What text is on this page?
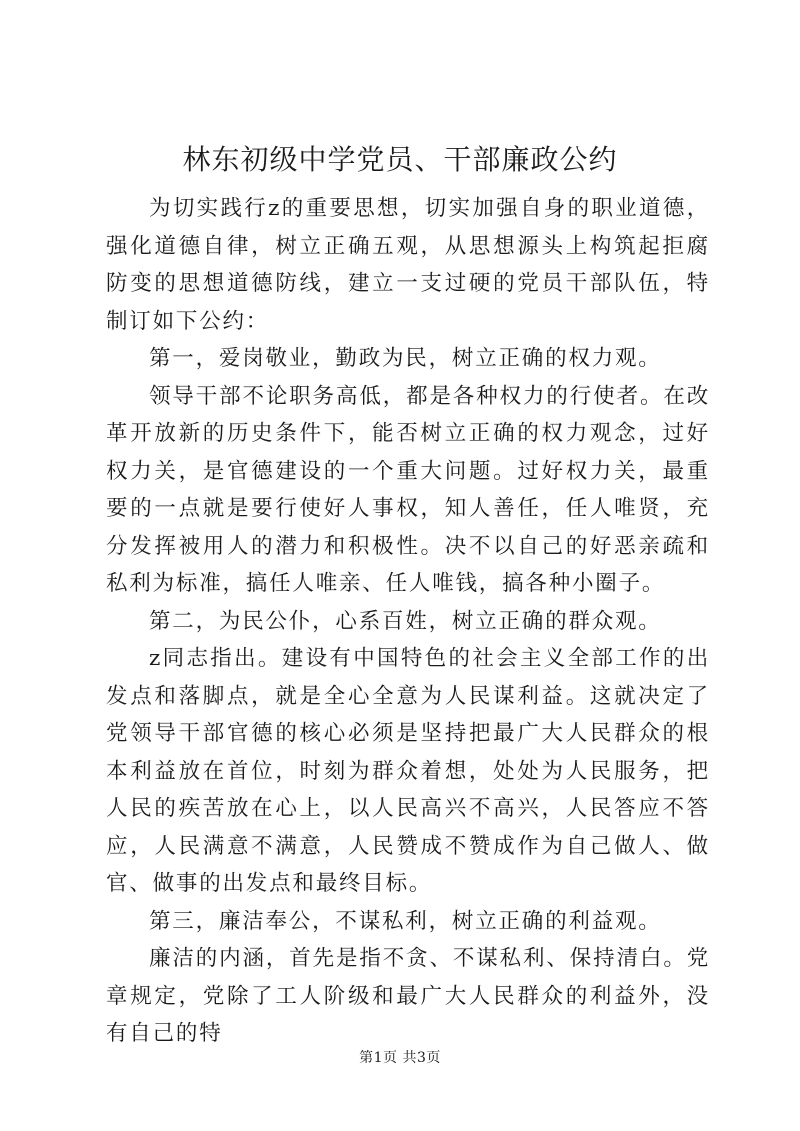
林东初级中学党员、干部廉政公约

为切实践行z的重要思想，切实加强自身的职业道德，强化道德自律，树立正确五观，从思想源头上构筑起拒腐防变的思想道德防线，建立一支过硬的党员干部队伍，特制订如下公约：

第一，爱岗敬业，勤政为民，树立正确的权力观。

领导干部不论职务高低，都是各种权力的行使者。在改革开放新的历史条件下，能否树立正确的权力观念，过好权力关，是官德建设的一个重大问题。过好权力关，最重要的一点就是要行使好人事权，知人善任，任人唯贤，充分发挥被用人的潜力和积极性。决不以自己的好恶亲疏和私利为标准，搞任人唯亲、任人唯钱，搞各种小圈子。

第二，为民公仆，心系百姓，树立正确的群众观。

z同志指出。建设有中国特色的社会主义全部工作的出发点和落脚点，就是全心全意为人民谋利益。这就决定了党领导干部官德的核心必须是坚持把最广大人民群众的根本利益放在首位，时刻为群众着想，处处为人民服务，把人民的疾苦放在心上，以人民高兴不高兴，人民答应不答应，人民满意不满意，人民赞成不赞成作为自己做人、做官、做事的出发点和最终目标。

第三，廉洁奉公，不谋私利，树立正确的利益观。

廉洁的内涵，首先是指不贪、不谋私利、保持清白。党章规定，党除了工人阶级和最广大人民群众的利益外，没有自己的特

第1页 共3页
